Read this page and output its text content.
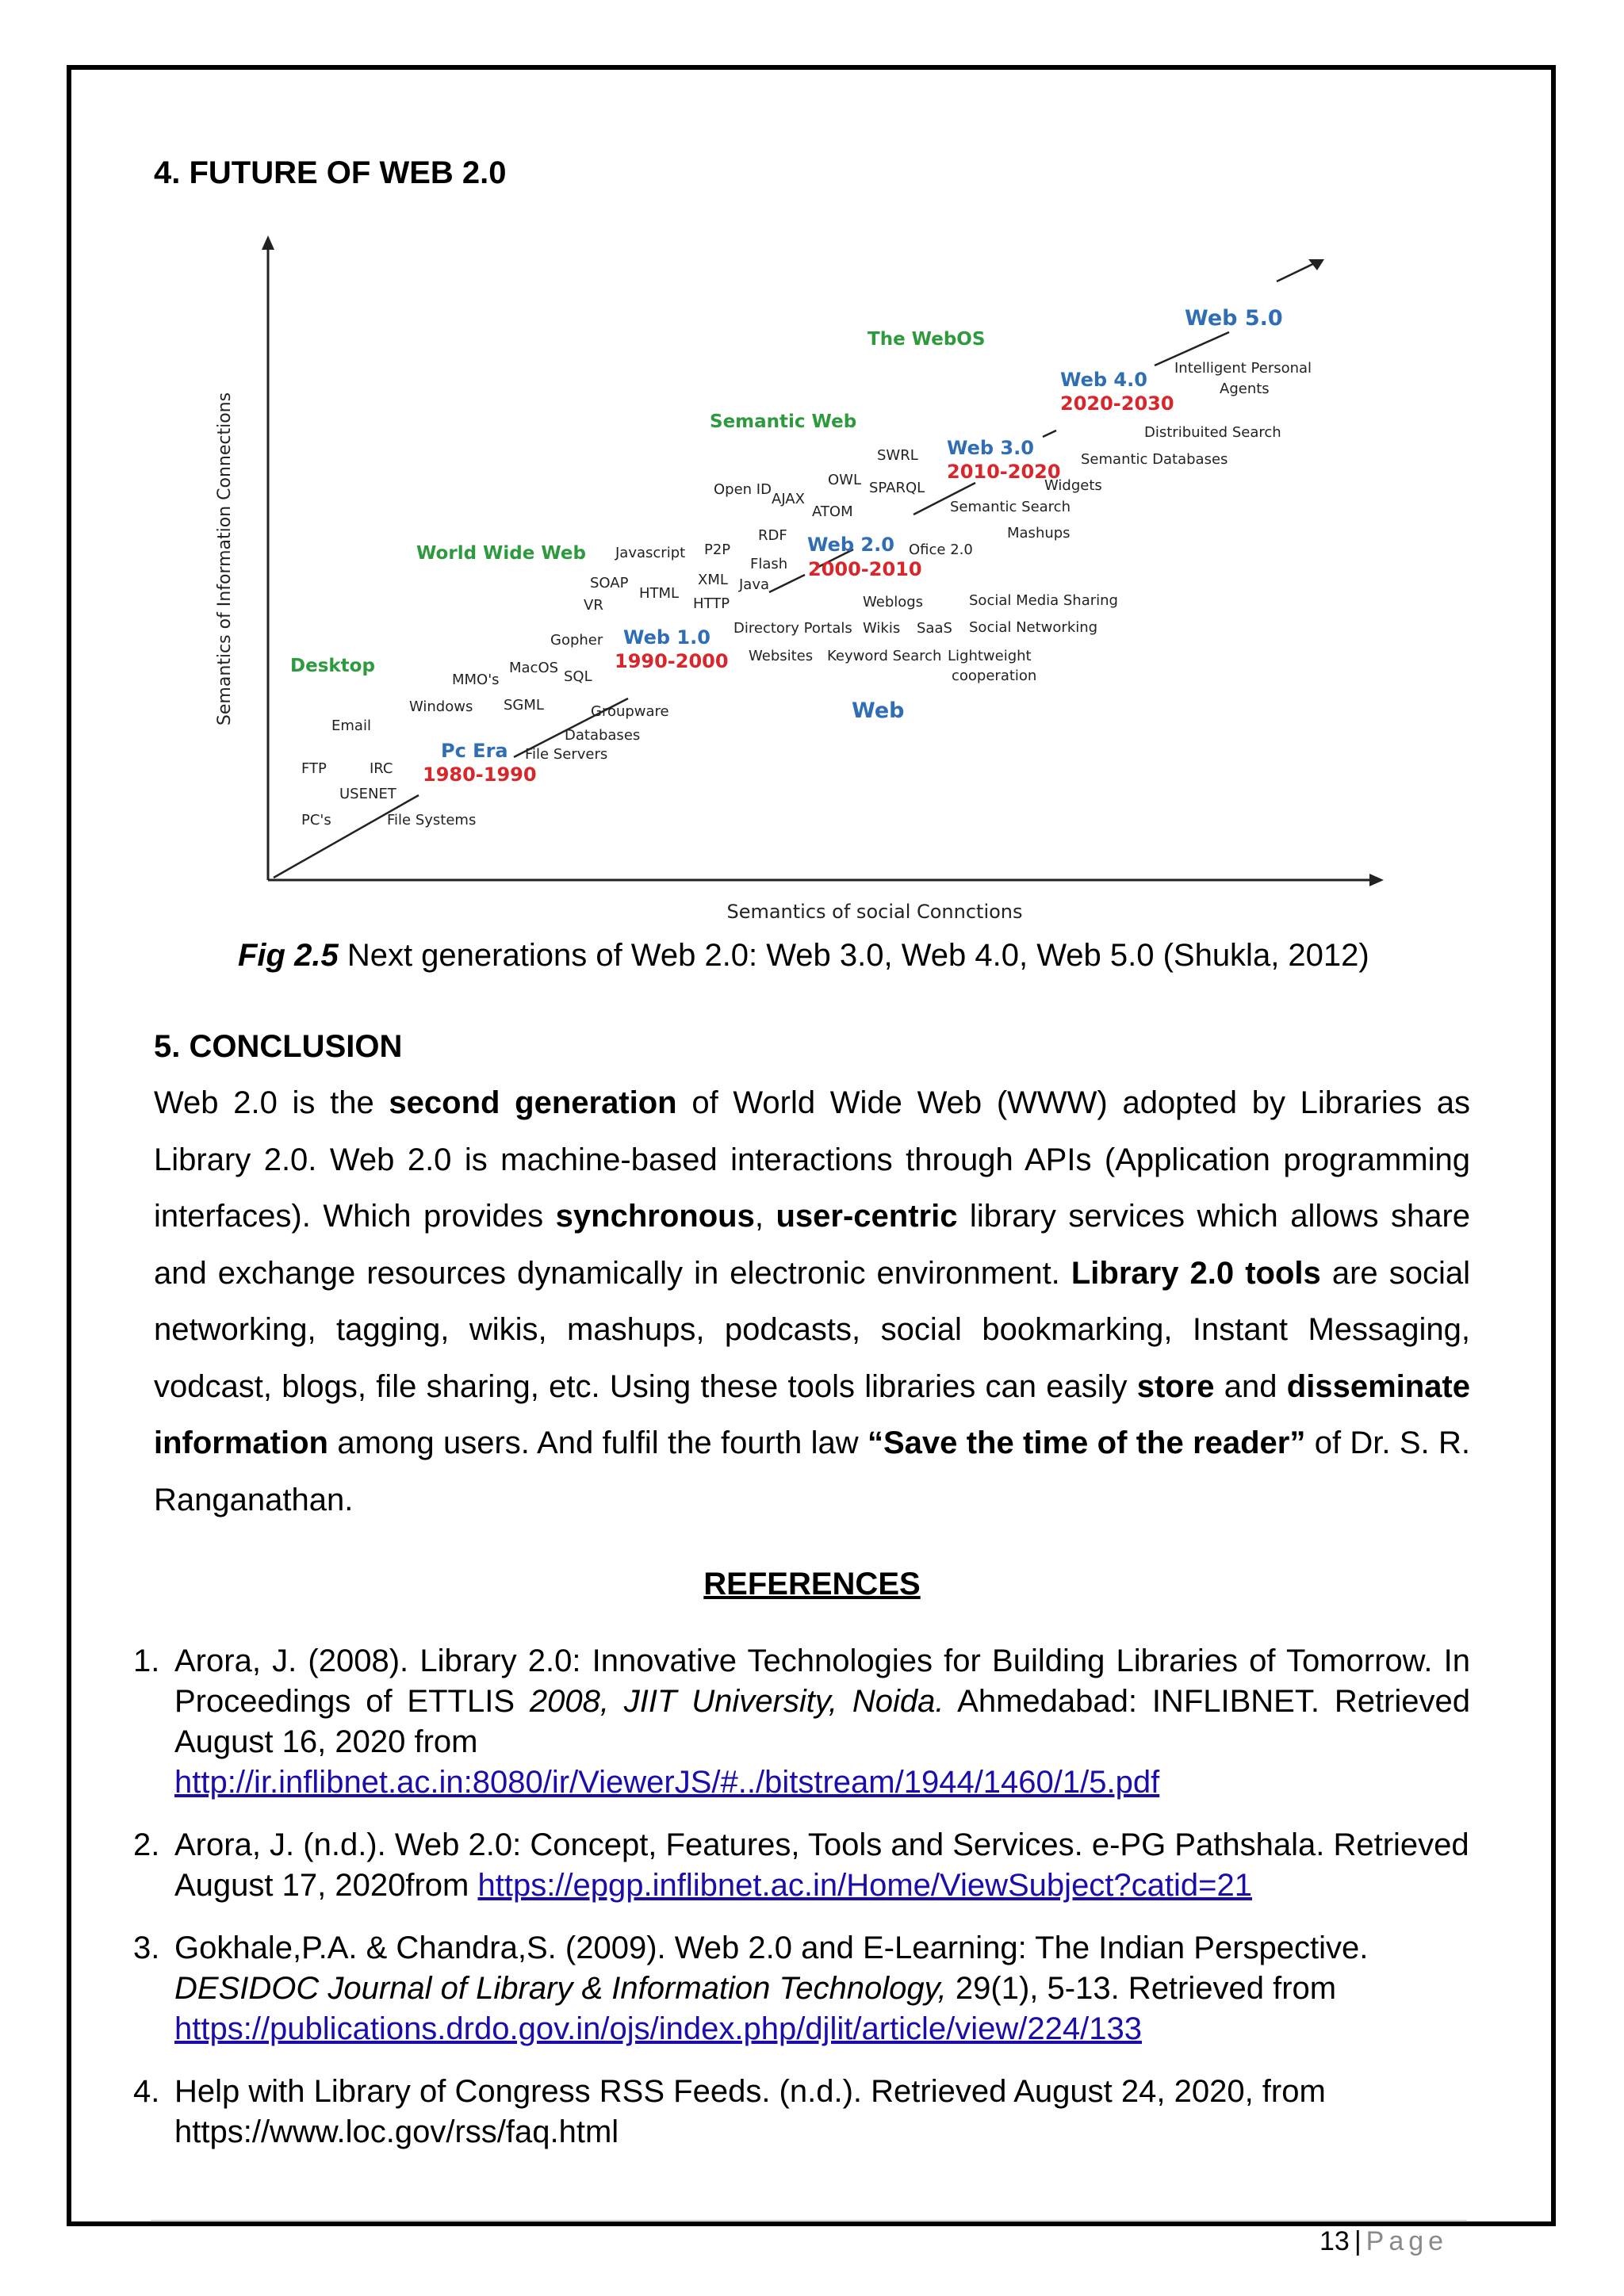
4. FUTURE OF WEB 2.0
Semantics of Information Connections
Semantics of social Connctions
Desktop
World Wide Web
Semantic Web
The WebOS
Web
Pc Era
1980-1990
Web 1.0
1990-2000
Web 2.0
2000-2010
Web 3.0
2010-2020
Web 4.0
2020-2030
Web 5.0
PC's
FTP	IRC
USENET
Email
File Systems
Windows
MMO's
MacOS
SGML
SQL
Gopher
Groupware
Databases
File Servers
VR
SOAP
HTML
Javascript P2P
XML
HTTP
Flash
Java
RDF
AJAX
Open ID
OWL
ATOM
SWRL
SPARQL
Directory Portals Wikis SaaS
Weblogs
Websites Keyword Search Lightweight
cooperation
Social Media Sharing
Social Networking
Ofice 2.0
Mashups
Semantic Search
Widgets
Semantic Databases
Distribuited Search
Intelligent Personal
Agents

Fig 2.5 Next generations of Web 2.0: Web 3.0, Web 4.0, Web 5.0 (Shukla, 2012)

5. CONCLUSION

Web 2.0 is the second generation of World Wide Web (WWW) adopted by Libraries as Library 2.0. Web 2.0 is machine-based interactions through APIs (Application programming interfaces). Which provides synchronous, user-centric library services which allows share and exchange resources dynamically in electronic environment. Library 2.0 tools are social networking, tagging, wikis, mashups, podcasts, social bookmarking, Instant Messaging, vodcast, blogs, file sharing, etc. Using these tools libraries can easily store and disseminate information among users. And fulfil the fourth law “Save the time of the reader” of Dr. S. R. Ranganathan.

REFERENCES
1. Arora, J. (2008). Library 2.0: Innovative Technologies for Building Libraries of Tomorrow. In Proceedings of ETTLIS 2008, JIIT University, Noida. Ahmedabad: INFLIBNET. Retrieved August 16, 2020 from
http://ir.inflibnet.ac.in:8080/ir/ViewerJS/#../bitstream/1944/1460/1/5.pdf
2. Arora, J. (n.d.). Web 2.0: Concept, Features, Tools and Services. e-PG Pathshala. Retrieved August 17, 2020from https://epgp.inflibnet.ac.in/Home/ViewSubject?catid=21
3. Gokhale,P.A. & Chandra,S. (2009). Web 2.0 and E-Learning: The Indian Perspective. DESIDOC Journal of Library & Information Technology, 29(1), 5-13. Retrieved from
https://publications.drdo.gov.in/ojs/index.php/djlit/article/view/224/133
4. Help with Library of Congress RSS Feeds. (n.d.). Retrieved August 24, 2020, from https://www.loc.gov/rss/faq.html
13 | Page
